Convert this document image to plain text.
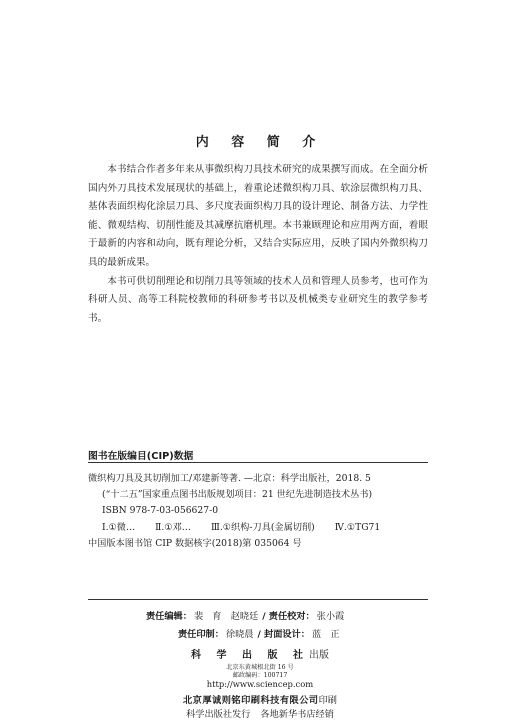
内 容 简 介

本书结合作者多年来从事微织构刀具技术研究的成果撰写而成。在全面分析国内外刀具技术发展现状的基础上，着重论述微织构刀具、软涂层微织构刀具、基体表面织构化涂层刀具、多尺度表面织构刀具的设计理论、制备方法、力学性能、微观结构、切削性能及其减摩抗磨机理。本书兼顾理论和应用两方面，着眼于最新的内容和动向，既有理论分析，又结合实际应用，反映了国内外微织构刀具的最新成果。

本书可供切削理论和切削刀具等领域的技术人员和管理人员参考，也可作为科研人员、高等工科院校教师的科研参考书以及机械类专业研究生的教学参考书。

图书在版编目(CIP)数据
微织构刀具及其切削加工/邓建新等著. —北京：科学出版社，2018. 5
(“十二五”国家重点图书出版规划项目：21 世纪先进制造技术丛书)
ISBN 978-7-03-056627-0
Ⅰ.①微… Ⅱ.①邓… Ⅲ.①织构-刀具(金属切削) Ⅳ.①TG71
中国版本图书馆 CIP 数据核字(2018)第 035064 号
责任编辑： 裴　育　赵晓廷 / 责任校对： 张小霞
责任印制： 徐晓晨 / 封面设计： 蓝　正
科 学 出 版 社出版
北京东黄城根北街 16 号
邮政编码：100717
http://www.sciencep.com
北京厚诚则铭印刷科技有限公司印刷
科学出版社发行 各地新华书店经销
